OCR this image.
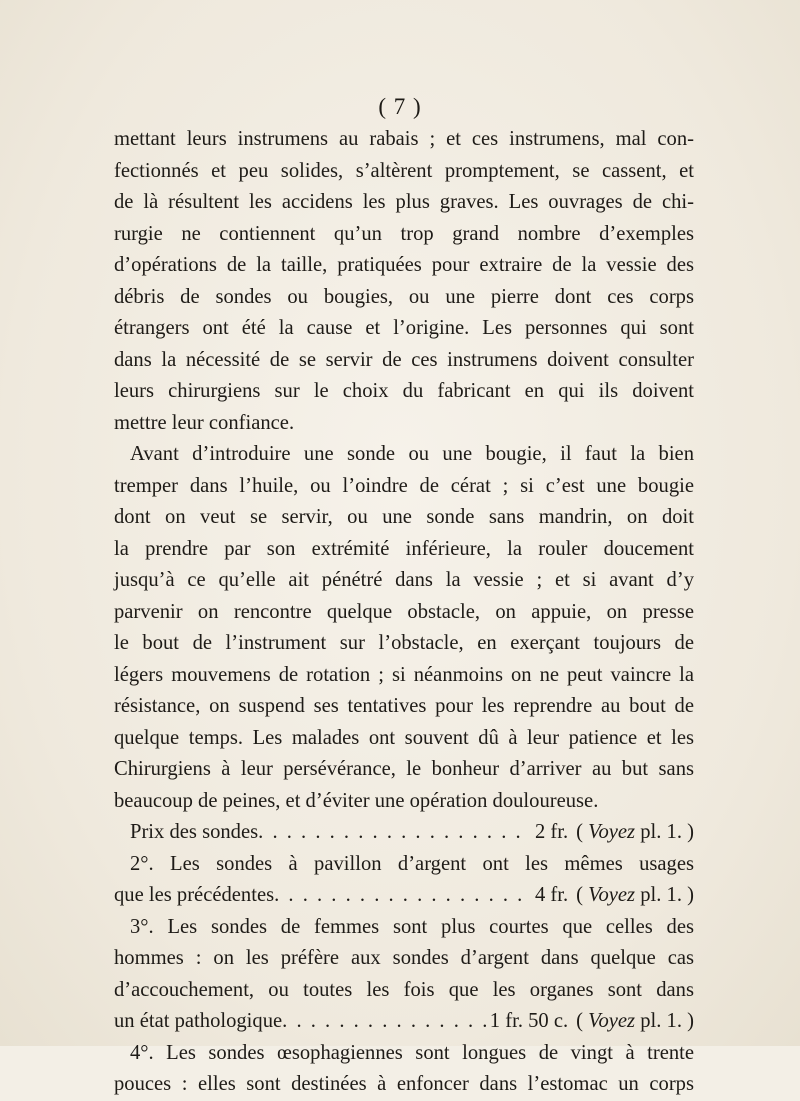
( 7 )
mettant leurs instrumens au rabais ; et ces instrumens, mal con-
fectionnés et peu solides, s’altèrent promptement, se cassent, et
de là résultent les accidens les plus graves. Les ouvrages de chi-
rurgie ne contiennent qu’un trop grand nombre d’exemples
d’opérations de la taille, pratiquées pour extraire de la vessie des
débris de sondes ou bougies, ou une pierre dont ces corps
étrangers ont été la cause et l’origine. Les personnes qui sont
dans la nécessité de se servir de ces instrumens doivent consulter
leurs chirurgiens sur le choix du fabricant en qui ils doivent
mettre leur confiance.
Avant d’introduire une sonde ou une bougie, il faut la bien
tremper dans l’huile, ou l’oindre de cérat ; si c’est une bougie
dont on veut se servir, ou une sonde sans mandrin, on doit
la prendre par son extrémité inférieure, la rouler doucement
jusqu’à ce qu’elle ait pénétré dans la vessie ; et si avant d’y
parvenir on rencontre quelque obstacle, on appuie, on presse
le bout de l’instrument sur l’obstacle, en exerçant toujours de
légers mouvemens de rotation ; si néanmoins on ne peut vaincre la
résistance, on suspend ses tentatives pour les reprendre au bout de
quelque temps. Les malades ont souvent dû à leur patience et les
Chirurgiens à leur persévérance, le bonheur d’arriver au but sans
beaucoup de peines, et d’éviter une opération douloureuse.
Prix des sondes . . .	2 fr. ( Voyez pl. 1. )
2°. Les sondes à pavillon d’argent ont les mêmes usages
que les précédentes . . .	4 fr. ( Voyez pl. 1. )
3°. Les sondes de femmes sont plus courtes que celles des
hommes : on les préfère aux sondes d’argent dans quelque cas
d’accouchement, ou toutes les fois que les organes sont dans
un état pathologique . . .	1 fr. 50 c. ( Voyez pl. 1. )
4°. Les sondes œsophagiennes sont longues de vingt à trente
pouces : elles sont destinées à enfoncer dans l’estomac un corps
